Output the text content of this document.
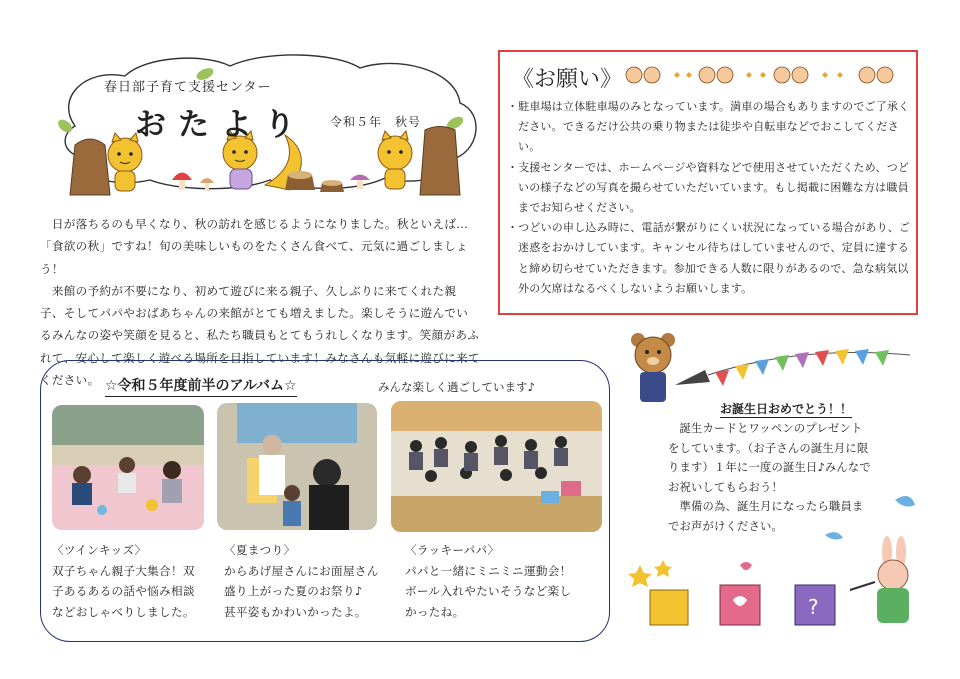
春日部子育て支援センター
おたより 令和５年　秋号

　日が落ちるのも早くなり、秋の訪れを感じるようになりました。秋といえば…「食欲の秋」ですね！旬の美味しいものをたくさん食べて、元気に過ごしましょう！

　来館の予約が不要になり、初めて遊びに来る親子、久しぶりに来てくれた親子、そしてパパやおばあちゃんの来館がとても増えました。楽しそうに遊んでいるみんなの姿や笑顔を見ると、私たち職員もとてもうれしくなります。笑顔があふれて、安心して楽しく遊べる場所を目指しています！みなさんも気軽に遊びに来てください。

《お願い》
・駐車場は立体駐車場のみとなっています。満車の場合もありますのでご了承ください。できるだけ公共の乗り物または徒歩や自転車などでおこしてください。
・支援センターでは、ホームページや資料などで使用させていただくため、つどいの様子などの写真を撮らせていただいています。もし掲載に困難な方は職員までお知らせください。
・つどいの申し込み時に、電話が繋がりにくい状況になっている場合があり、ご迷惑をおかけしています。キャンセル待ちはしていませんので、定員に達すると締め切らせていただきます。参加できる人数に限りがあるので、急な病気以外の欠席はなるべくしないようお願いします。
☆令和５年度前半のアルバム☆	みんな楽しく過ごしています♪

〈ツインキッズ〉

双子ちゃん親子大集合！双

子あるあるの話や悩み相談

などおしゃべりしました。

〈夏まつり〉

からあげ屋さんにお面屋さん

盛り上がった夏のお祭り♪

甚平姿もかわいかったよ。

〈ラッキーパパ〉

パパと一緒にミニミニ運動会！

ボール入れやたいそうなど楽し

かったね。

お誕生日おめでとう！！

　誕生カードとワッペンのプレゼントをしています。（お子さんの誕生月に限ります）１年に一度の誕生日♪みんなでお祝いしてもらおう！

　準備の為、誕生月になったら職員までお声がけください。

?
